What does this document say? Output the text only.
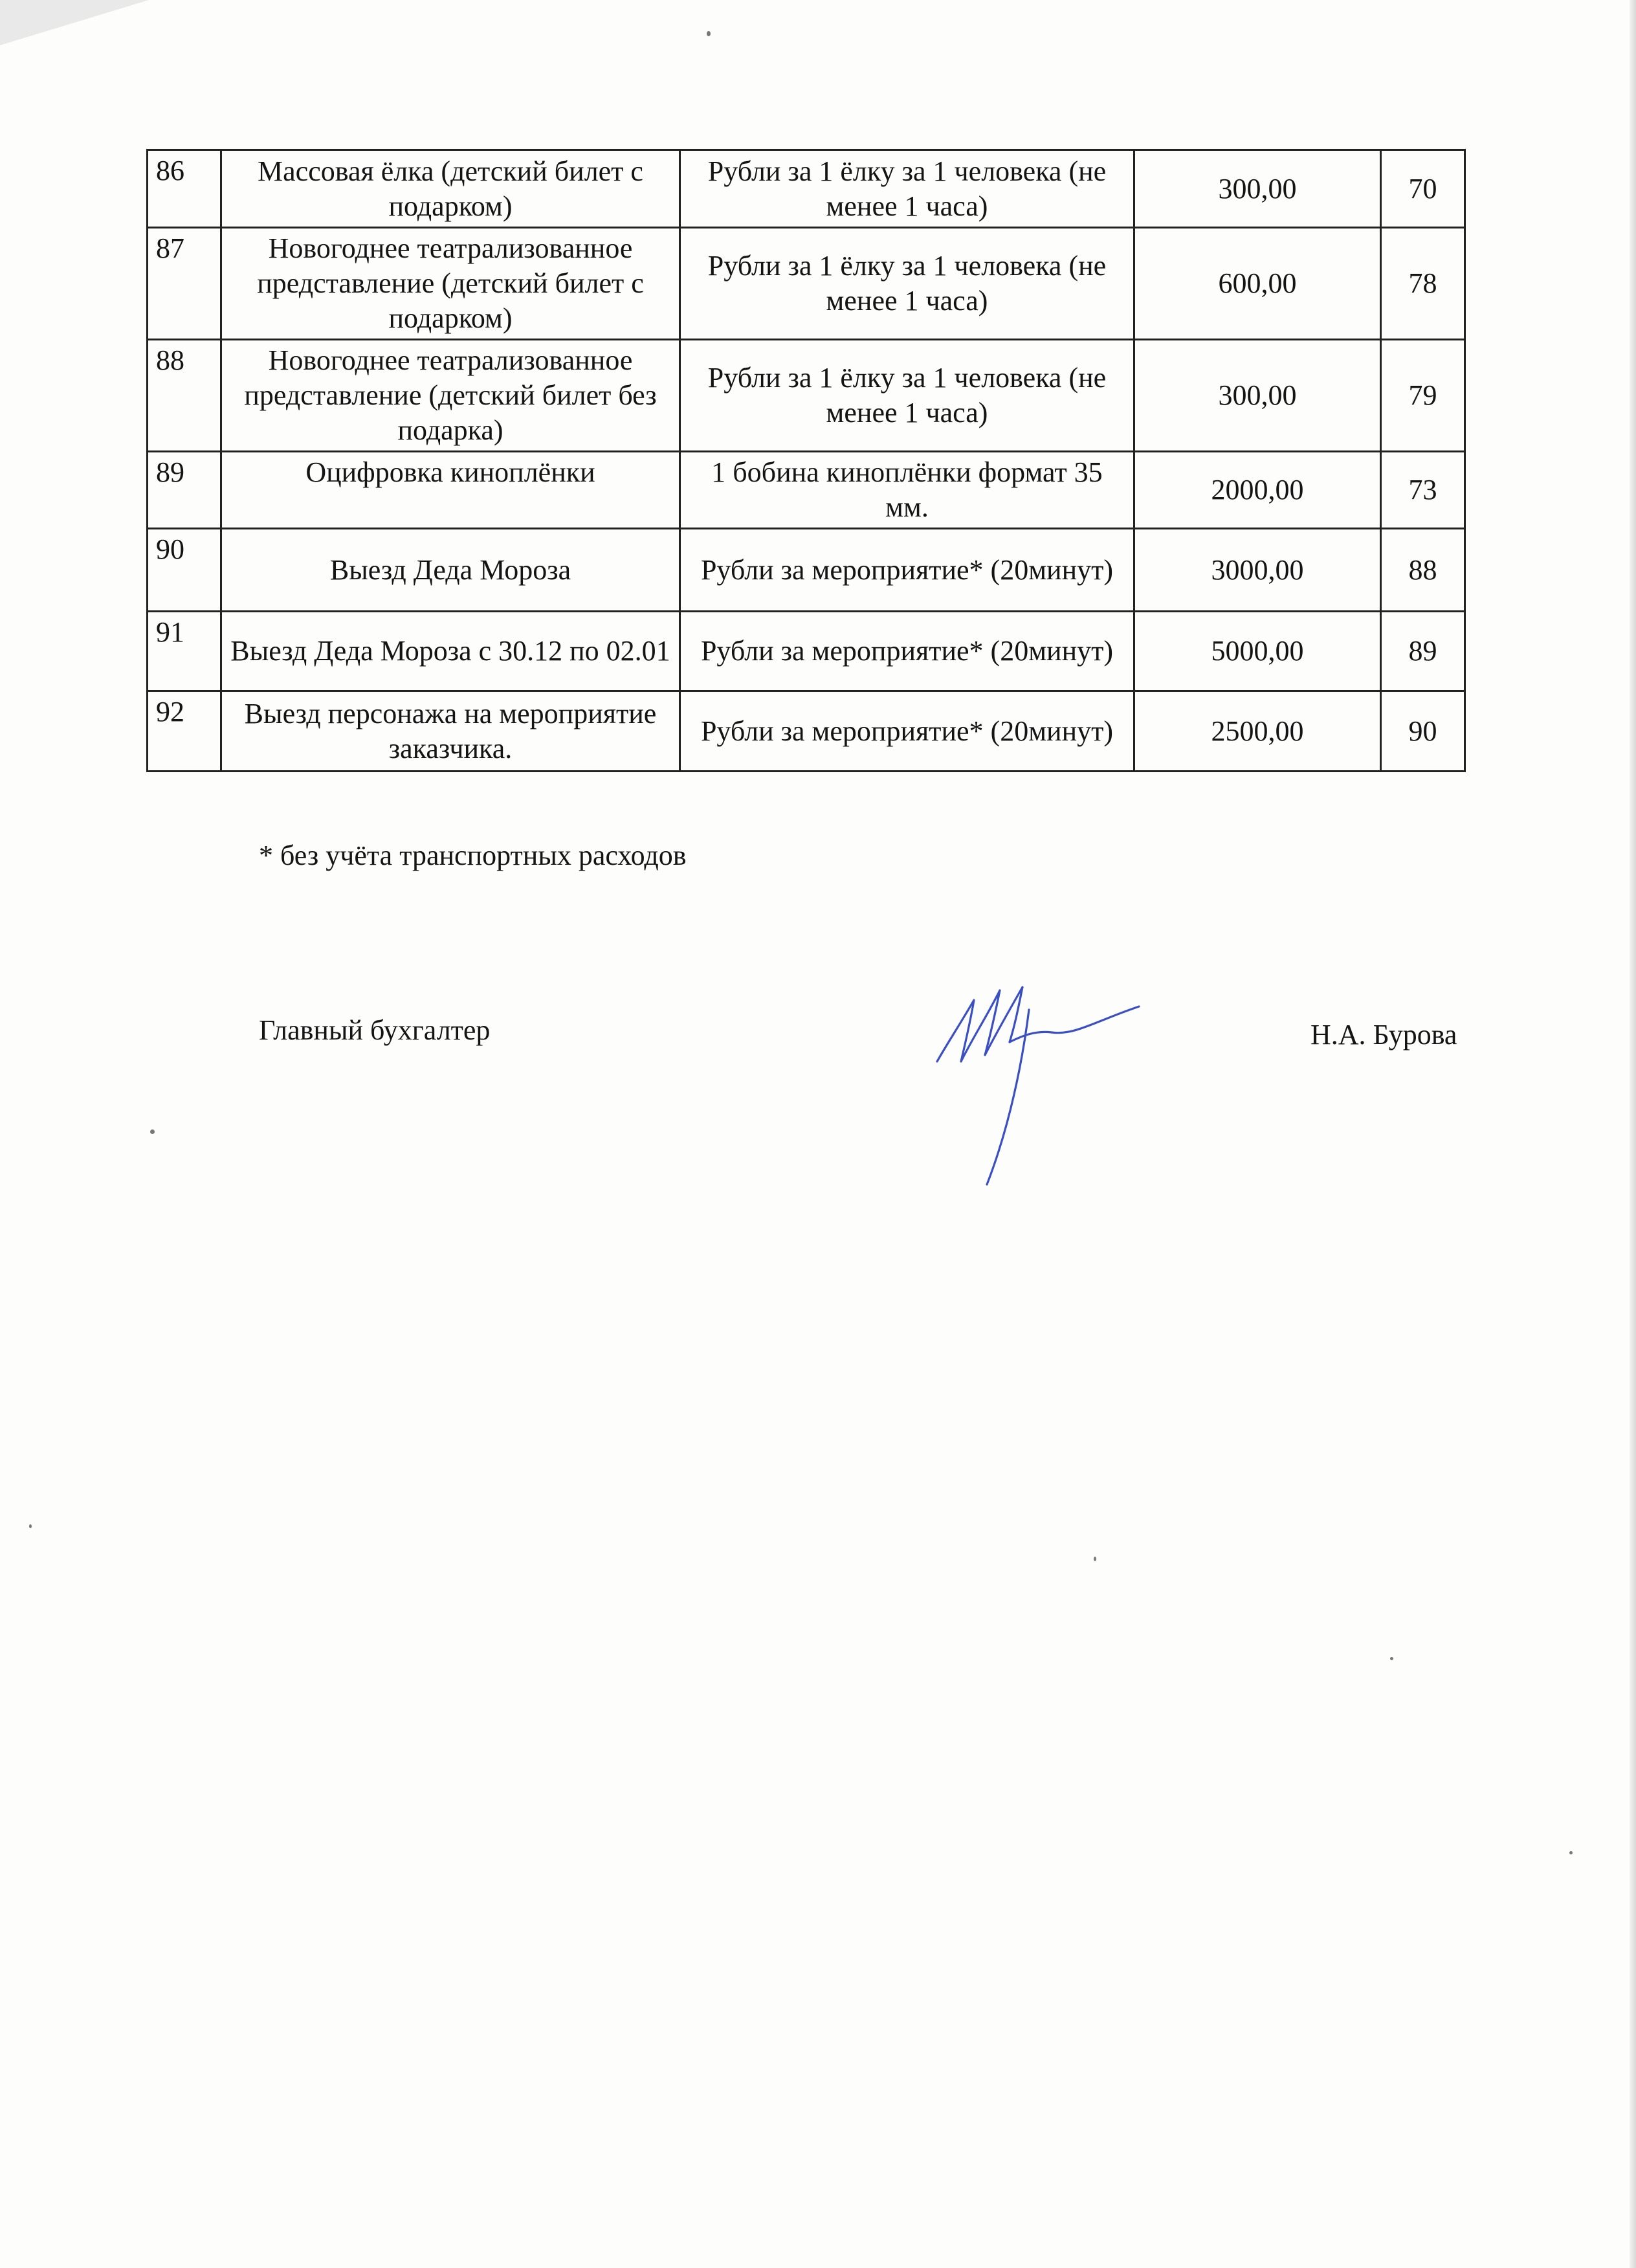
86	Массовая ёлка (детский билет с подарком)	Рубли за 1 ёлку за 1 человека (не менее 1 часа)	300,00	70
87	Новогоднее театрализованное представление (детский билет с подарком)	Рубли за 1 ёлку за 1 человека (не менее 1 часа)	600,00	78
88	Новогоднее театрализованное представление (детский билет без подарка)	Рубли за 1 ёлку за 1 человека (не менее 1 часа)	300,00	79
89	Оцифровка киноплёнки	1 бобина киноплёнки формат 35 мм.	2000,00	73
90	Выезд Деда Мороза	Рубли за мероприятие* (20минут)	3000,00	88
91	Выезд Деда Мороза с 30.12 по 02.01	Рубли за мероприятие* (20минут)	5000,00	89
92	Выезд персонажа на мероприятие заказчика.	Рубли за мероприятие* (20минут)	2500,00	90
* без учёта транспортных расходов
Главный бухгалтер	Н.А. Бурова
